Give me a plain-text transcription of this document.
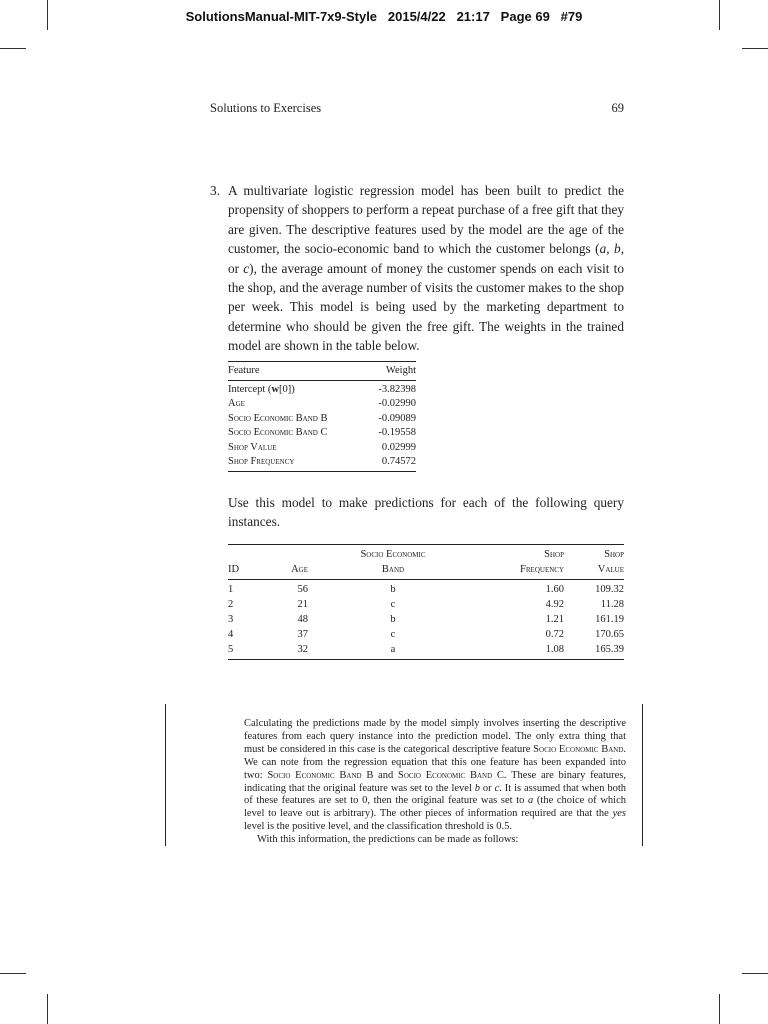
SolutionsManual-MIT-7x9-Style 2015/4/22 21:17 Page 69 #79
Solutions to Exercises	69
3. A multivariate logistic regression model has been built to predict the propensity of shoppers to perform a repeat purchase of a free gift that they are given. The descriptive features used by the model are the age of the customer, the socio-economic band to which the customer belongs (a, b, or c), the average amount of money the customer spends on each visit to the shop, and the average number of visits the customer makes to the shop per week. This model is being used by the marketing department to determine who should be given the free gift. The weights in the trained model are shown in the table below.
Feature	Weight
Intercept (w[0])	-3.82398
Age	-0.02990
Socio Economic Band B	-0.09089
Socio Economic Band C	-0.19558
Shop Value	0.02999
Shop Frequency	0.74572
Use this model to make predictions for each of the following query instances.
		Socio Economic	Shop	Shop
ID	Age	Band	Frequency	Value
1	56	b	1.60	109.32
2	21	c	4.92	11.28
3	48	b	1.21	161.19
4	37	c	0.72	170.65
5	32	a	1.08	165.39

Calculating the predictions made by the model simply involves inserting the descriptive features from each query instance into the prediction model. The only extra thing that must be considered in this case is the categorical descriptive feature Socio Economic Band. We can note from the regression equation that this one feature has been expanded into two: Socio Economic Band B and Socio Economic Band C. These are binary features, indicating that the original feature was set to the level b or c. It is assumed that when both of these features are set to 0, then the original feature was set to a (the choice of which level to leave out is arbitrary). The other pieces of information required are that the yes level is the positive level, and the classification threshold is 0.5.

With this information, the predictions can be made as follows:
